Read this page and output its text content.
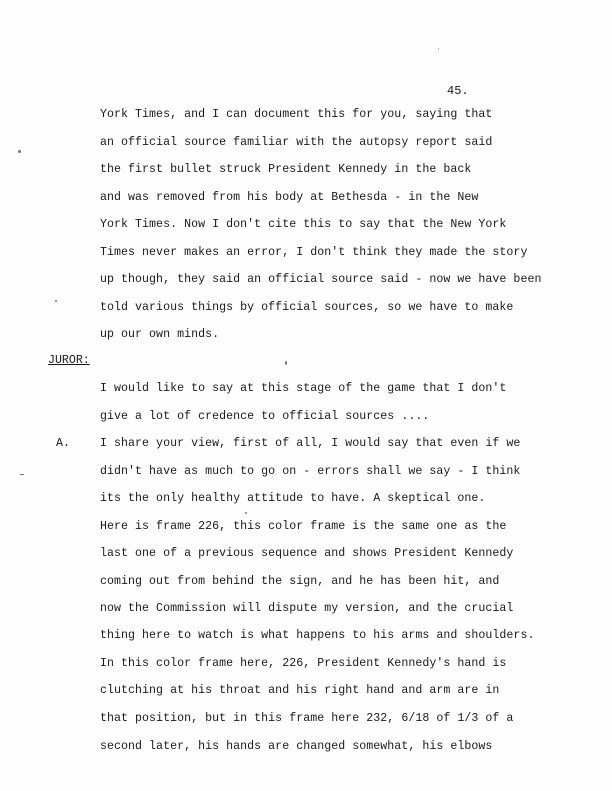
45.
York Times, and I can document this for you, saying that
an official source familiar with the autopsy report said
the first bullet struck President Kennedy in the back
and was removed from his body at Bethesda - in the New
York Times. Now I don't cite this to say that the New York
Times never makes an error, I don't think they made the story
up though, they said an official source said - now we have been
told various things by official sources, so we have to make
up our own minds.
JUROR:
I would like to say at this stage of the game that I don't
give a lot of credence to official sources ....
A.	I share your view, first of all, I would say that even if we
didn't have as much to go on - errors shall we say - I think
its the only healthy attitude to have. A skeptical one.
Here is frame 226, this color frame is the same one as the
last one of a previous sequence and shows President Kennedy
coming out from behind the sign, and he has been hit, and
now the Commission will dispute my version, and the crucial
thing here to watch is what happens to his arms and shoulders.
In this color frame here, 226, President Kennedy's hand is
clutching at his throat and his right hand and arm are in
that position, but in this frame here 232, 6/18 of 1/3 of a
second later, his hands are changed somewhat, his elbows
